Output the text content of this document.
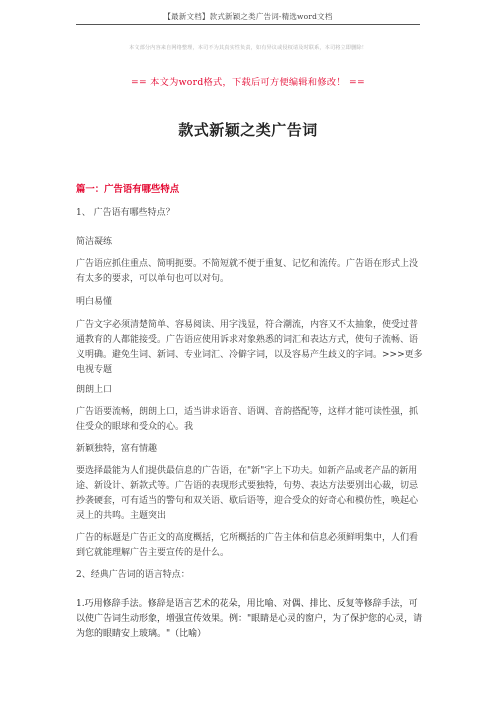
【最新文档】款式新颖之类广告词-精选word文档
本文部分内容来自网络整理，本司不为其真实性负责，如有异议或侵权请及时联系，本司将立即删除！
== 本文为word格式，下载后可方便编辑和修改！ ==
款式新颖之类广告词
篇一：广告语有哪些特点

1、 广告语有哪些特点？

简洁凝练

广告语应抓住重点、简明扼要。不简短就不便于重复、记忆和流传。广告语在形式上没有太多的要求，可以单句也可以对句。

明白易懂

广告文字必须清楚简单、容易阅读、用字浅显，符合潮流，内容又不太抽象，使受过普通教育的人都能接受。广告语应使用诉求对象熟悉的词汇和表达方式，使句子流畅、语义明确。避免生词、新词、专业词汇、冷僻字词，以及容易产生歧义的字词。>>>更多电视专题

朗朗上口

广告语要流畅，朗朗上口，适当讲求语音、语调、音韵搭配等，这样才能可读性强，抓住受众的眼球和受众的心。我

新颖独特，富有情趣

要选择最能为人们提供最信息的广告语，在"新"字上下功夫。如新产品或老产品的新用途、新设计、新款式等。广告语的表现形式要独特，句势、表达方法要别出心裁，切忌抄袭硬套，可有适当的警句和双关语、歇后语等，迎合受众的好奇心和模仿性，唤起心灵上的共鸣。主题突出

广告的标题是广告正文的高度概括，它所概括的广告主体和信息必须鲜明集中，人们看到它就能理解广告主要宣传的是什么。

2、经典广告词的语言特点：

1.巧用修辞手法。修辞是语言艺术的花朵，用比喻、对偶、排比、反复等修辞手法，可以使广告词生动形象，增强宣传效果。例："眼睛是心灵的窗户，为了保护您的心灵，请为您的眼睛安上玻璃。"（比喻）
